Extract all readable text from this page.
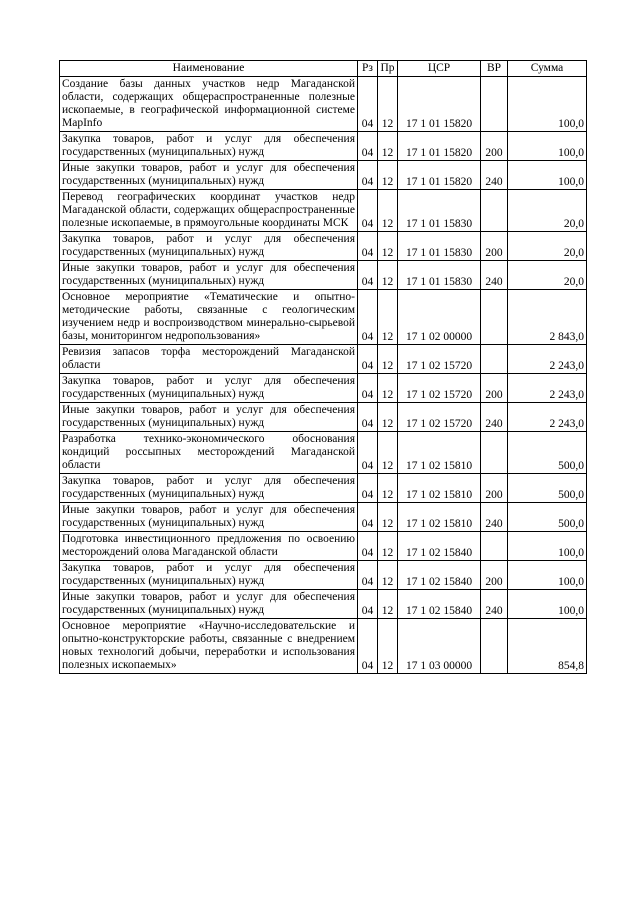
Наименование	Рз	Пр	ЦСР	ВР	Сумма
Создание базы данных участков недр Магаданской области, содержащих общераспространенные полезные ископаемые, в географической информационной системе MapInfo	04	12	17 1 01 15820		100,0
Закупка товаров, работ и услуг для обеспечения государственных (муниципальных) нужд	04	12	17 1 01 15820	200	100,0
Иные закупки товаров, работ и услуг для обеспечения государственных (муниципальных) нужд	04	12	17 1 01 15820	240	100,0
Перевод географических координат участков недр Магаданской области, содержащих общераспространенные полезные ископаемые, в прямоугольные координаты МСК	04	12	17 1 01 15830		20,0
Закупка товаров, работ и услуг для обеспечения государственных (муниципальных) нужд	04	12	17 1 01 15830	200	20,0
Иные закупки товаров, работ и услуг для обеспечения государственных (муниципальных) нужд	04	12	17 1 01 15830	240	20,0
Основное мероприятие «Тематические и опытно-методические работы, связанные с геологическим изучением недр и воспроизводством минерально-сырьевой базы, мониторингом недропользования»	04	12	17 1 02 00000		2 843,0
Ревизия запасов торфа месторождений Магаданской области	04	12	17 1 02 15720		2 243,0
Закупка товаров, работ и услуг для обеспечения государственных (муниципальных) нужд	04	12	17 1 02 15720	200	2 243,0
Иные закупки товаров, работ и услуг для обеспечения государственных (муниципальных) нужд	04	12	17 1 02 15720	240	2 243,0
Разработка технико-экономического обоснования кондиций россыпных месторождений Магаданской области	04	12	17 1 02 15810		500,0
Закупка товаров, работ и услуг для обеспечения государственных (муниципальных) нужд	04	12	17 1 02 15810	200	500,0
Иные закупки товаров, работ и услуг для обеспечения государственных (муниципальных) нужд	04	12	17 1 02 15810	240	500,0
Подготовка инвестиционного предложения по освоению месторождений олова Магаданской области	04	12	17 1 02 15840		100,0
Закупка товаров, работ и услуг для обеспечения государственных (муниципальных) нужд	04	12	17 1 02 15840	200	100,0
Иные закупки товаров, работ и услуг для обеспечения государственных (муниципальных) нужд	04	12	17 1 02 15840	240	100,0
Основное мероприятие «Научно-исследовательские и опытно-конструкторские работы, связанные с внедрением новых технологий добычи, переработки и использования полезных ископаемых»	04	12	17 1 03 00000		854,8
